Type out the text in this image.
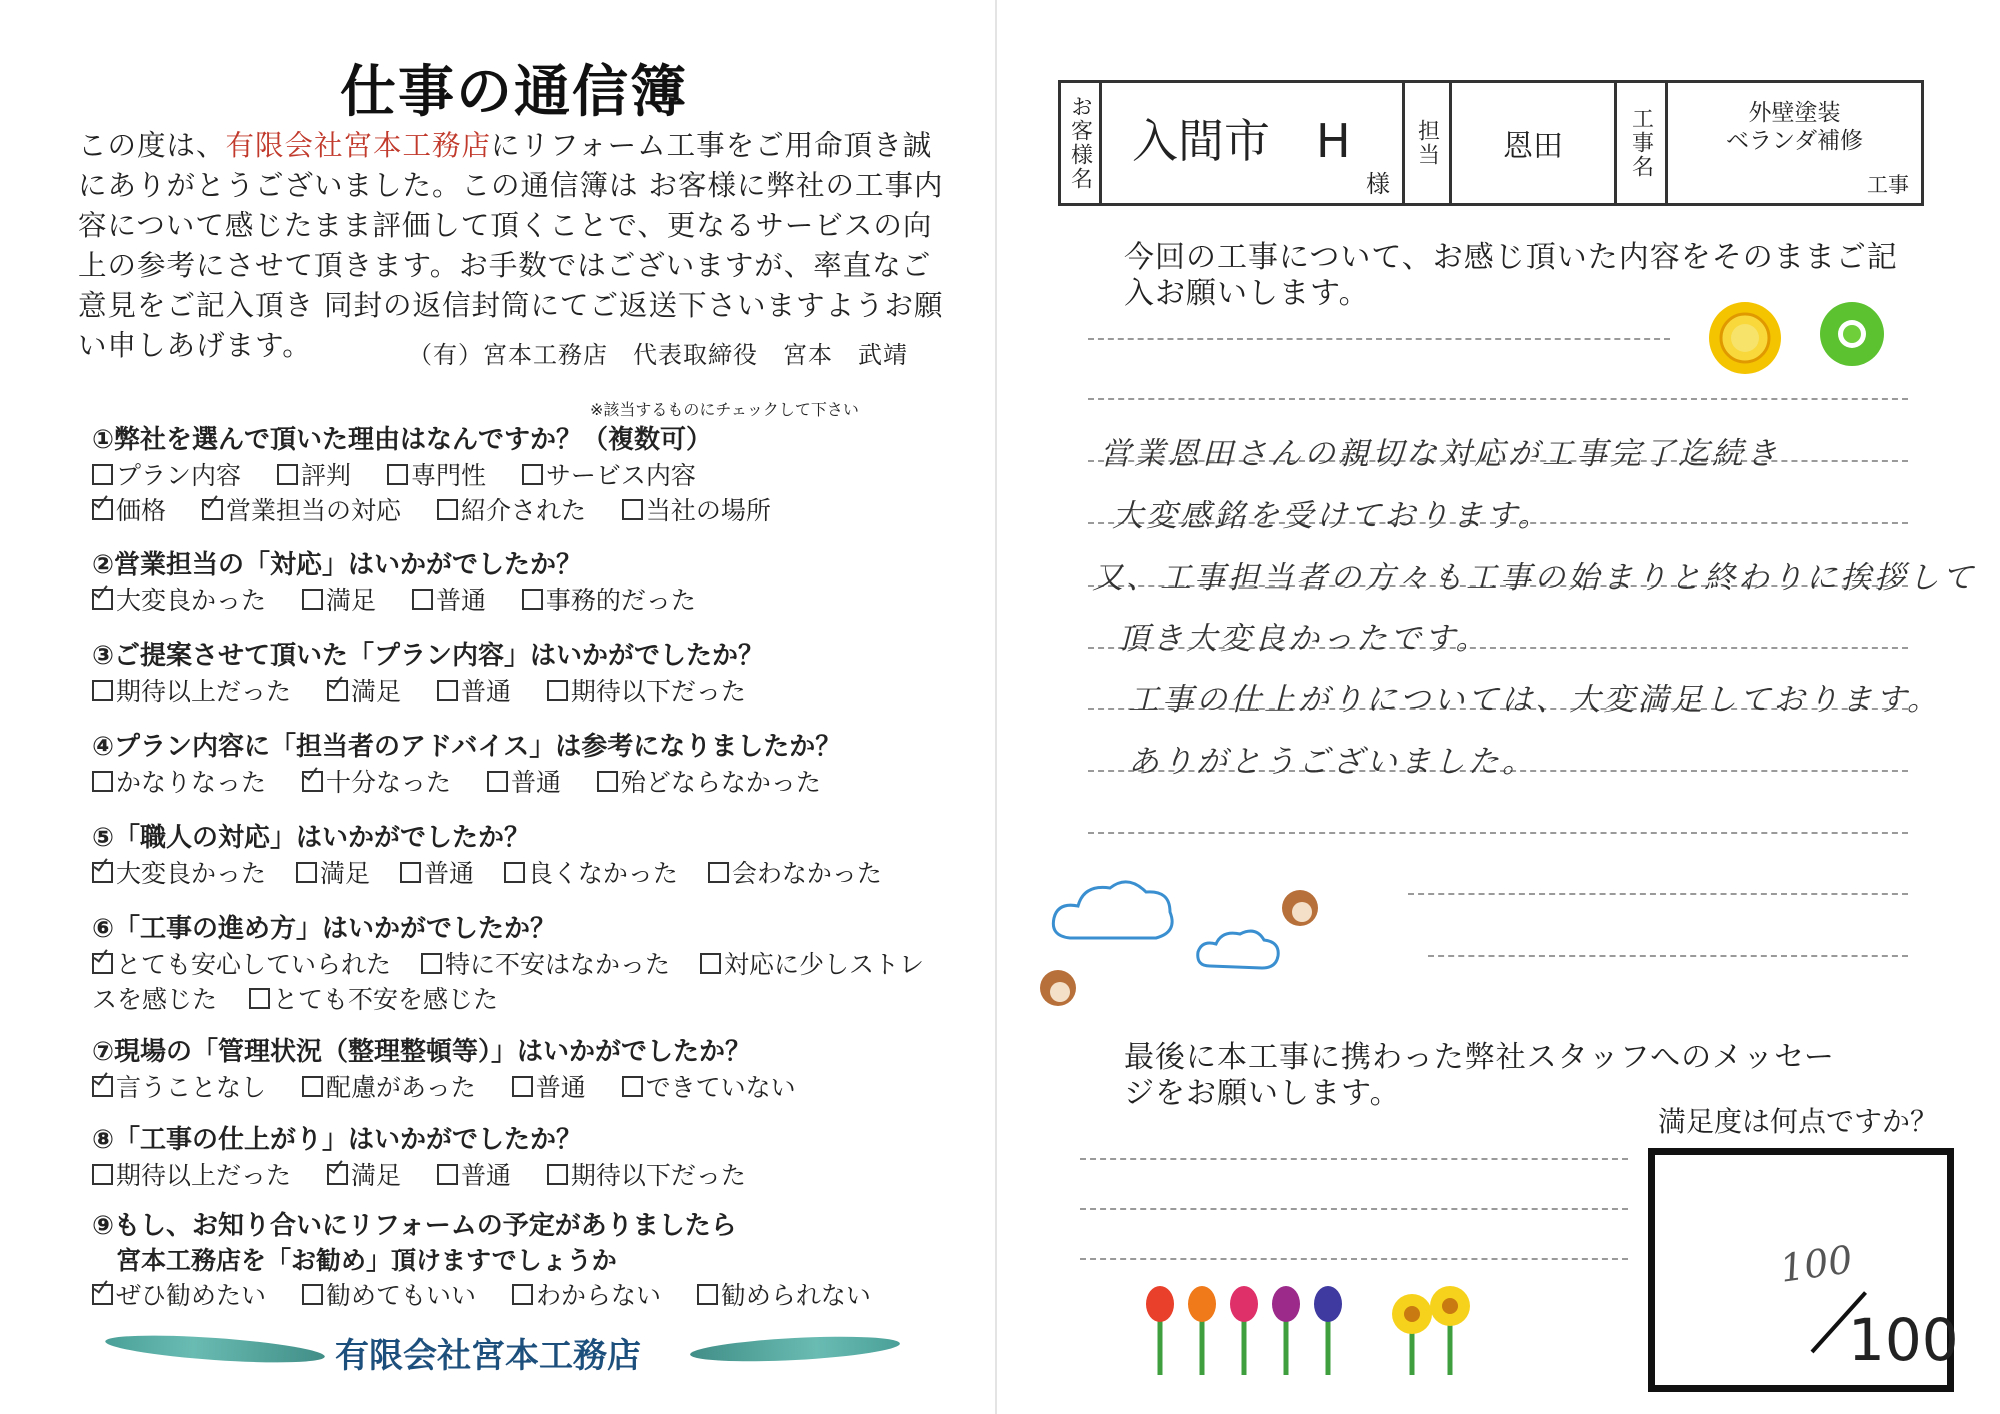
仕事の通信簿
この度は、有限会社宮本工務店にリフォーム工事をご用命頂き誠にありがとうございました。この通信簿は お客様に弊社の工事内容について感じたまま評価して頂くことで、更なるサービスの向上の参考にさせて頂きます。お手数ではございますが、率直なご意見をご記入頂き 同封の返信封筒にてご返送下さいますようお願い申しあげます。	（有）宮本工務店　代表取締役　宮本　武靖
※該当するものにチェックして下さい
①弊社を選んで頂いた理由はなんですか？（複数可）
プラン内容 評判 専門性 サービス内容
価格 営業担当の対応 紹介された 当社の場所
②営業担当の「対応」はいかがでしたか？
大変良かった 満足 普通 事務的だった
③ご提案させて頂いた「プラン内容」はいかがでしたか？
期待以上だった 満足 普通 期待以下だった
④プラン内容に「担当者のアドバイス」は参考になりましたか？
かなりなった 十分なった 普通 殆どならなかった
⑤「職人の対応」はいかがでしたか？
大変良かった 満足 普通 良くなかった 会わなかった
⑥「工事の進め方」はいかがでしたか？
とても安心していられた 特に不安はなかった 対応に少しストレスを感じた とても不安を感じた
⑦現場の「管理状況（整理整頓等）」はいかがでしたか？
言うことなし 配慮があった 普通 できていない
⑧「工事の仕上がり」はいかがでしたか？
期待以上だった 満足 普通 期待以下だった
⑨もし、お知り合いにリフォームの予定がありましたら
宮本工務店を「お勧め」頂けますでしょうか
ぜひ勧めたい 勧めてもいい わからない 勧められない
有限会社宮本工務店
お客様名 入間市　H
様
担当	恩田	工事名	外壁塗装
ベランダ補修
工事
今回の工事について、お感じ頂いた内容をそのままご記入お願いします。
営業恩田さんの親切な対応が工事完了迄続き
大変感銘を受けております。
又、工事担当者の方々も工事の始まりと終わりに挨拶して
頂き大変良かったです。
工事の仕上がりについては、大変満足しております。
ありがとうございました。
最後に本工事に携わった弊社スタッフへのメッセージをお願いします。
満足度は何点ですか？
100
100
